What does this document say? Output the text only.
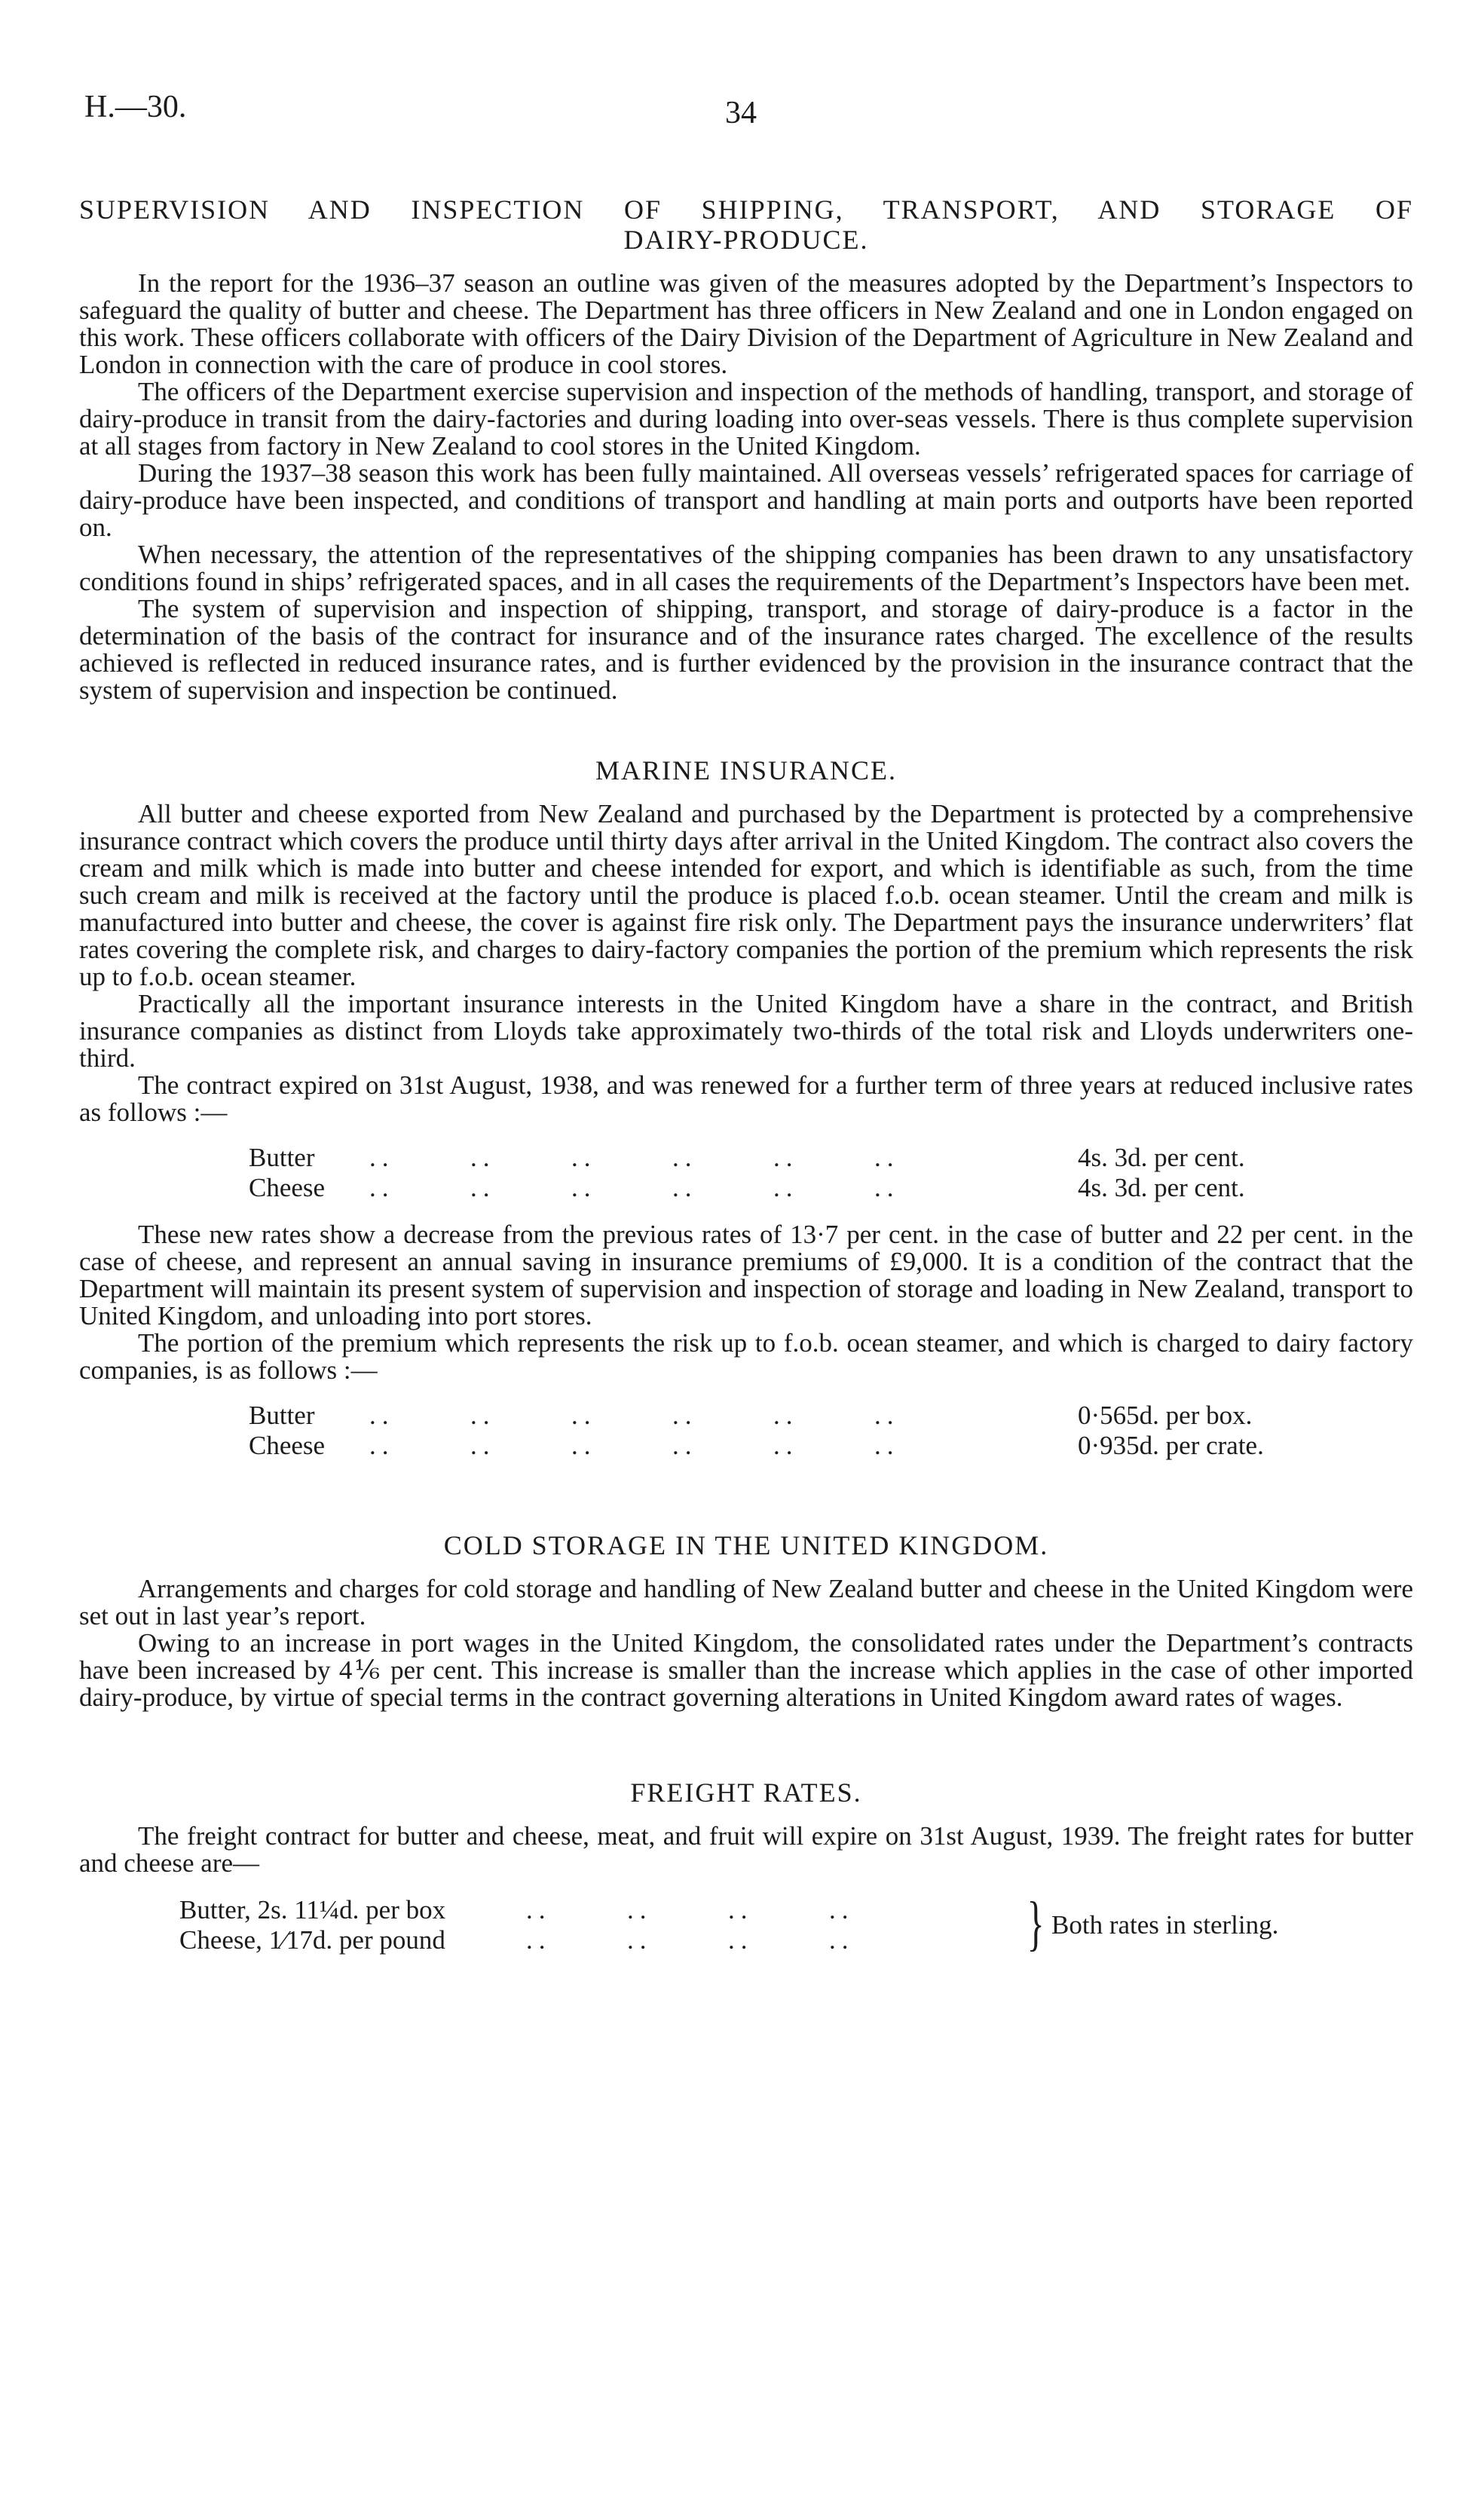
H.—30.	34
SUPERVISION AND INSPECTION OF SHIPPING, TRANSPORT, AND STORAGE OF
DAIRY-PRODUCE.

In the report for the 1936–37 season an outline was given of the measures adopted by the Department’s Inspectors to safeguard the quality of butter and cheese. The Department has three officers in New Zealand and one in London engaged on this work. These officers collaborate with officers of the Dairy Division of the Department of Agriculture in New Zealand and London in connection with the care of produce in cool stores.

The officers of the Department exercise supervision and inspection of the methods of handling, transport, and storage of dairy-produce in transit from the dairy-factories and during loading into over-seas vessels. There is thus complete supervision at all stages from factory in New Zealand to cool stores in the United Kingdom.

During the 1937–38 season this work has been fully maintained. All overseas vessels’ refrigerated spaces for carriage of dairy-produce have been inspected, and conditions of transport and handling at main ports and outports have been reported on.

When necessary, the attention of the representatives of the shipping companies has been drawn to any unsatisfactory conditions found in ships’ refrigerated spaces, and in all cases the requirements of the Department’s Inspectors have been met.

The system of supervision and inspection of shipping, transport, and storage of dairy-produce is a factor in the determination of the basis of the contract for insurance and of the insurance rates charged. The excellence of the results achieved is reflected in reduced insurance rates, and is further evidenced by the provision in the insurance contract that the system of supervision and inspection be continued.

MARINE INSURANCE.

All butter and cheese exported from New Zealand and purchased by the Department is protected by a comprehensive insurance contract which covers the produce until thirty days after arrival in the United Kingdom. The contract also covers the cream and milk which is made into butter and cheese intended for export, and which is identifiable as such, from the time such cream and milk is received at the factory until the produce is placed f.o.b. ocean steamer. Until the cream and milk is manufactured into butter and cheese, the cover is against fire risk only. The Department pays the insurance underwriters’ flat rates covering the complete risk, and charges to dairy-factory companies the portion of the premium which represents the risk up to f.o.b. ocean steamer.

Practically all the important insurance interests in the United Kingdom have a share in the contract, and British insurance companies as distinct from Lloyds take approximately two-thirds of the total risk and Lloyds underwriters one-third.

The contract expired on 31st August, 1938, and was renewed for a further term of three years at reduced inclusive rates as follows :—

Butter	..      ..      ..      ..      ..      ..	4s. 3d. per cent.
Cheese	..      ..      ..      ..      ..      ..	4s. 3d. per cent.

These new rates show a decrease from the previous rates of 13·7 per cent. in the case of butter and 22 per cent. in the case of cheese, and represent an annual saving in insurance premiums of £9,000. It is a condition of the contract that the Department will maintain its present system of supervision and inspection of storage and loading in New Zealand, transport to United Kingdom, and unloading into port stores.

The portion of the premium which represents the risk up to f.o.b. ocean steamer, and which is charged to dairy factory companies, is as follows :—

Butter	..      ..      ..      ..      ..      ..	0·565d. per box.
Cheese	..      ..      ..      ..      ..      ..	0·935d. per crate.
COLD STORAGE IN THE UNITED KINGDOM.

Arrangements and charges for cold storage and handling of New Zealand butter and cheese in the United Kingdom were set out in last year’s report.

Owing to an increase in port wages in the United Kingdom, the consolidated rates under the Department’s contracts have been increased by 4⅙ per cent. This increase is smaller than the increase which applies in the case of other imported dairy-produce, by virtue of special terms in the contract governing alterations in United Kingdom award rates of wages.

FREIGHT RATES.

The freight contract for butter and cheese, meat, and fruit will expire on 31st August, 1939. The freight rates for butter and cheese are—

Butter, 2s. 11¼d. per box	..      ..      ..      ..
Cheese, 1⁄17d. per pound	..      ..      ..      ..	} Both rates in sterling.
